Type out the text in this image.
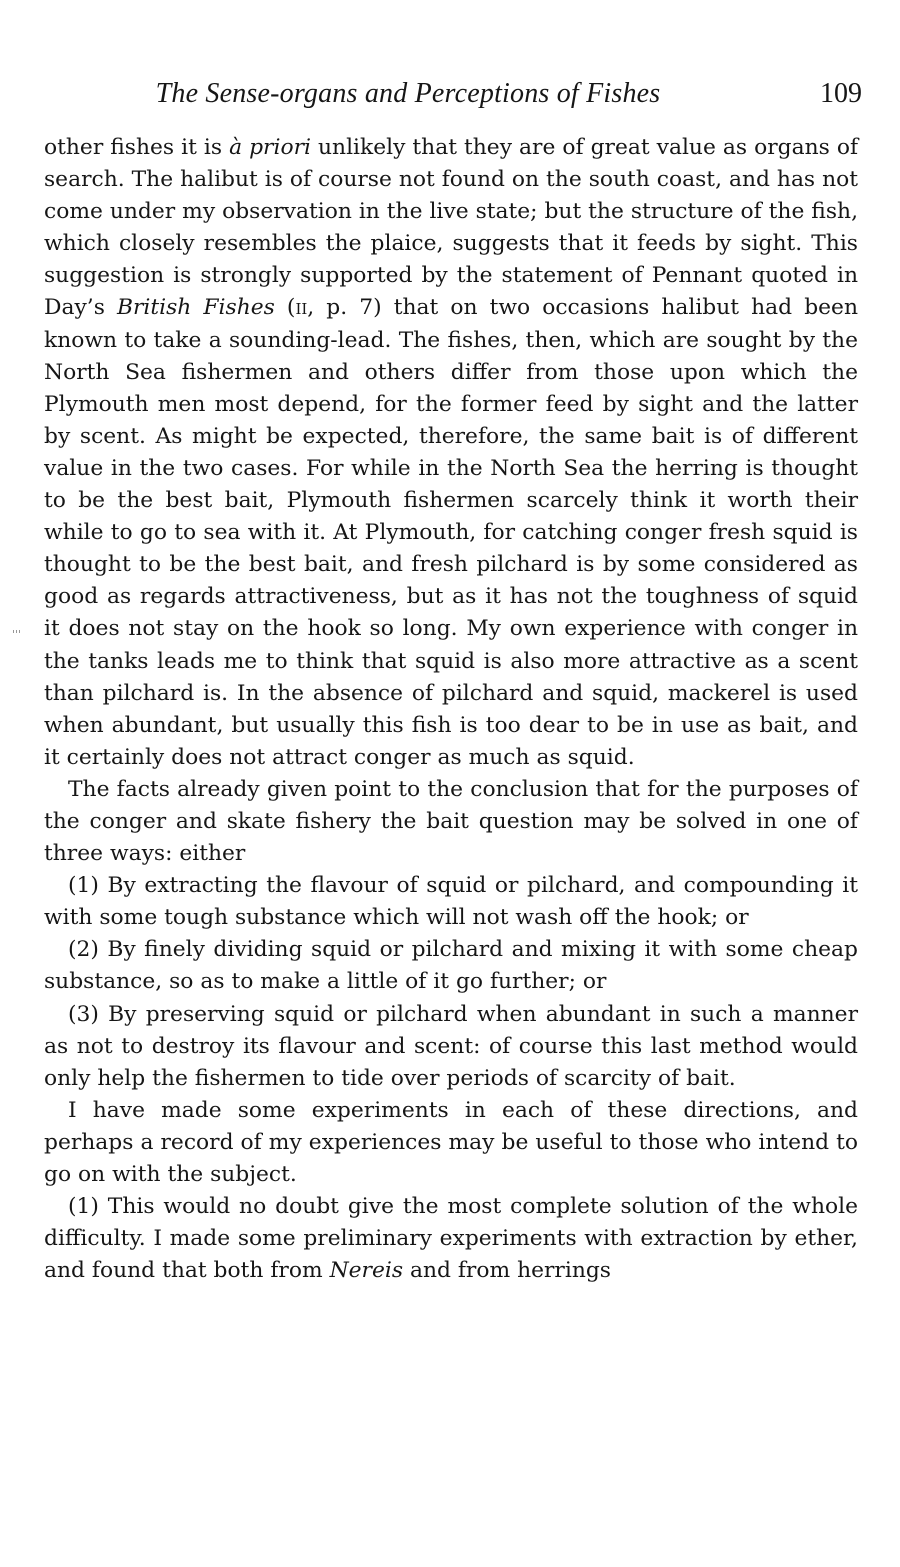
The Sense-organs and Perceptions of Fishes	109
'''

other fishes it is à priori unlikely that they are of great value as organs of search. The halibut is of course not found on the south coast, and has not come under my observation in the live state; but the structure of the fish, which closely resembles the plaice, suggests that it feeds by sight. This suggestion is strongly supported by the statement of Pennant quoted in Day’s British Fishes (ii, p. 7) that on two occasions halibut had been known to take a sounding-lead. The fishes, then, which are sought by the North Sea fishermen and others differ from those upon which the Plymouth men most depend, for the former feed by sight and the latter by scent. As might be expected, therefore, the same bait is of different value in the two cases. For while in the North Sea the herring is thought to be the best bait, Plymouth fishermen scarcely think it worth their while to go to sea with it. At Plymouth, for catching conger fresh squid is thought to be the best bait, and fresh pilchard is by some considered as good as regards attractiveness, but as it has not the toughness of squid it does not stay on the hook so long. My own experience with conger in the tanks leads me to think that squid is also more attractive as a scent than pilchard is. In the absence of pilchard and squid, mackerel is used when abundant, but usually this fish is too dear to be in use as bait, and it certainly does not attract conger as much as squid.

The facts already given point to the conclusion that for the purposes of the conger and skate fishery the bait question may be solved in one of three ways: either

(1) By extracting the flavour of squid or pilchard, and compounding it with some tough substance which will not wash off the hook; or

(2) By finely dividing squid or pilchard and mixing it with some cheap substance, so as to make a little of it go further; or

(3) By preserving squid or pilchard when abundant in such a manner as not to destroy its flavour and scent: of course this last method would only help the fishermen to tide over periods of scarcity of bait.

I have made some experiments in each of these directions, and perhaps a record of my experiences may be useful to those who intend to go on with the subject.

(1) This would no doubt give the most complete solution of the whole difficulty. I made some preliminary experiments with extraction by ether, and found that both from Nereis and from herrings
